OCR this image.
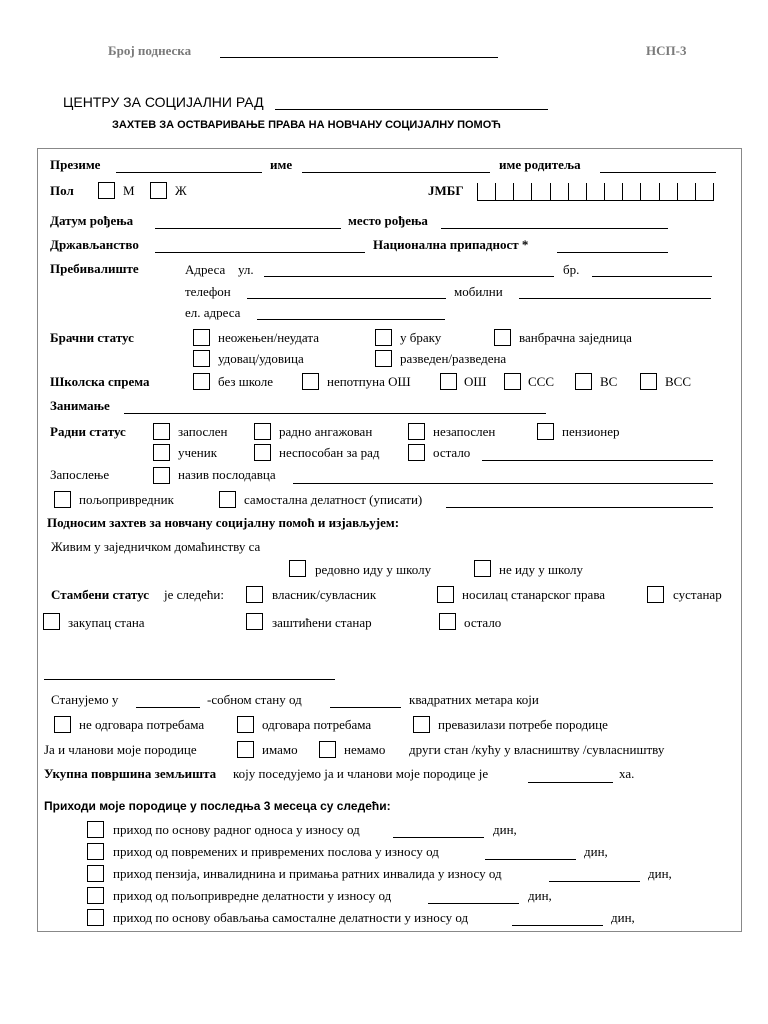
Број поднеска	НСП-3
ЦЕНТРУ ЗА СОЦИЈАЛНИ РАД
ЗАХТЕВ ЗА ОСТВАРИВАЊЕ ПРАВА НА НОВЧАНУ СОЦИЈАЛНУ ПОМОЋ
Презиме	име	име родитеља
Пол	М	Ж	ЈМБГ
Датум рођења	место рођења
Држављанство	Национална припадност *
Пребивалиште	Адреса ул.	бр.
телефон	мобилни
ел. адреса
Брачни статус	неожењен/неудата	у браку	ванбрачна заједница
удовац/удовица	разведен/разведена
Школска спрема	без школе	непотпуна ОШ	ОШ	ССС	ВС	ВСС
Занимање
Радни статус	запослен	радно ангажован	незапослен	пензионер
ученик	неспособан за рад	остало
Запослење	назив послодавца
пољопривредник	самостална делатност (уписати)
Подносим захтев за новчану социјалну помоћ и изјављујем:
Живим у заједничком домаћинству са
редовно иду у школу	не иду у школу
Стамбени статус је следећи:	власник/сувласник	носилац станарског права	сустанар
закупац стана	заштићени станар	остало
Станујемо у	-собном стану од	квадратних метара који
не одговара потребама	одговара потребама	превазилази потребе породице
Ја и чланови моје породице	имамо	немамо други стан /кућу у власништву /сувласништву
Укупна површина земљишта коју поседујемо ја и чланови моје породице је	ха.
Приходи моје породице у последња 3 месеца су следећи:
приход по основу радног односа у износу од	дин,
приход од повремених и привремених послова у износу од	дин,
приход пензија, инвалиднина и примања ратних инвалида у износу од	дин,
приход од пољопривредне делатности у износу од	дин,
приход по основу обављања самосталне делатности у износу од	дин,
